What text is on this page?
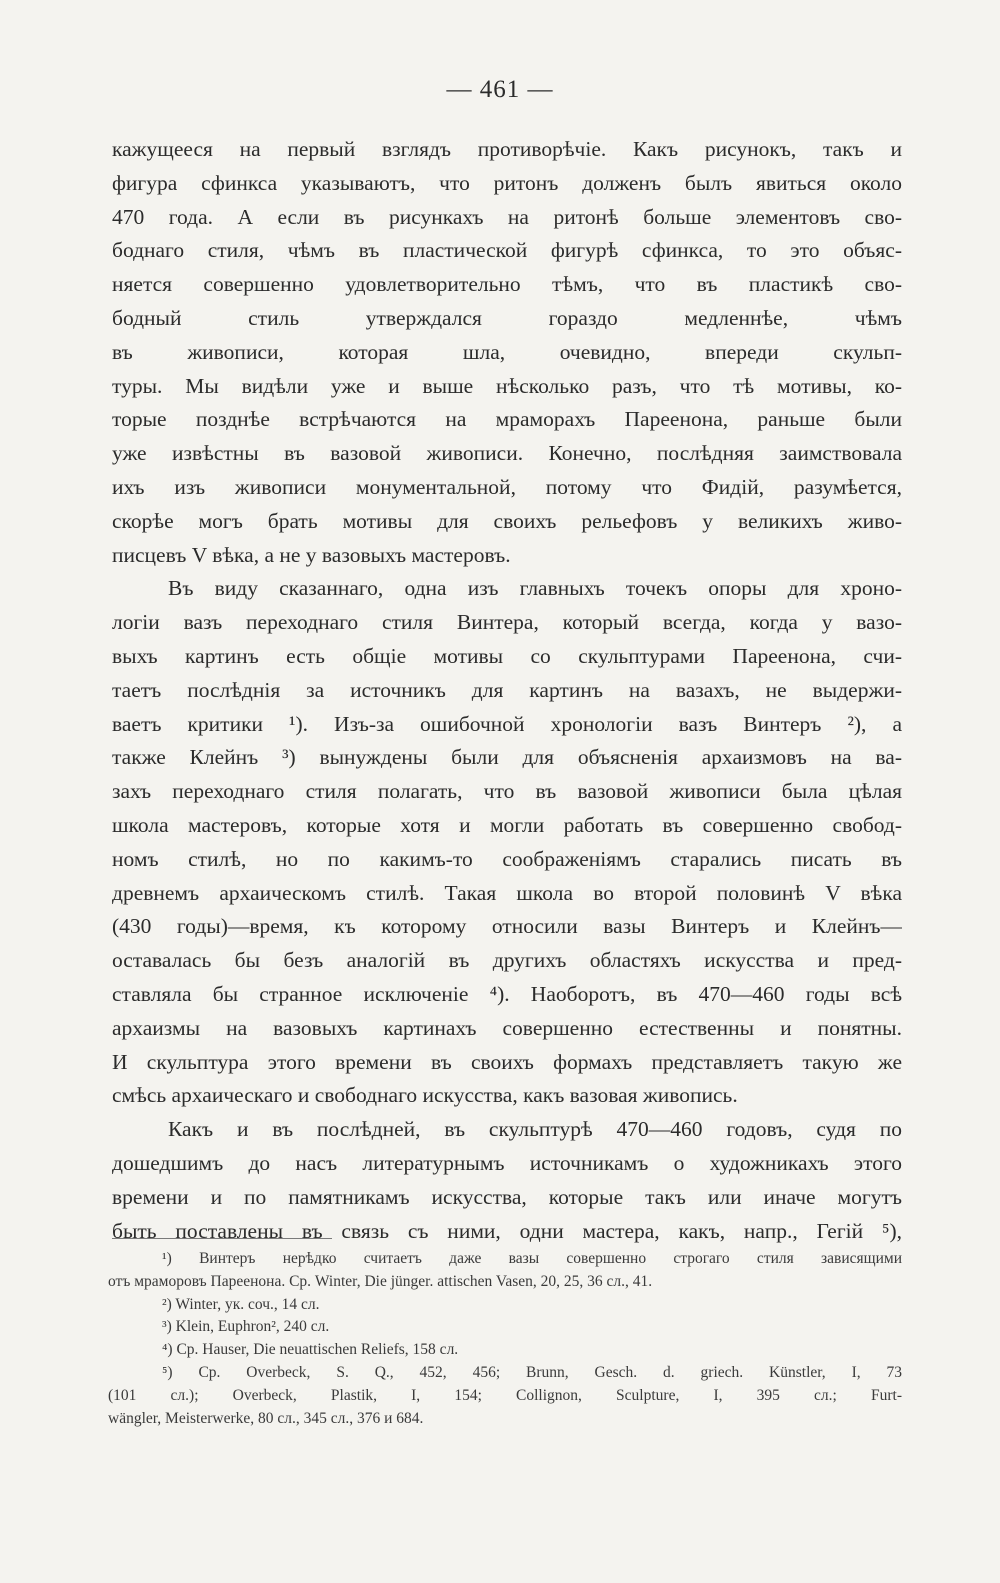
— 461 —
кажущееся на первый взглядъ противорѣчіе. Какъ рисунокъ, такъ и
фигура сфинкса указываютъ, что ритонъ долженъ былъ явиться около
470 года. А если въ рисункахъ на ритонѣ больше элементовъ сво-
боднаго стиля, чѣмъ въ пластической фигурѣ сфинкса, то это объяс-
няется совершенно удовлетворительно тѣмъ, что въ пластикѣ сво-
бодный стиль утверждался гораздо медленнѣе, чѣмъ
въ живописи, которая шла, очевидно, впереди скульп-
туры. Мы видѣли уже и выше нѣсколько разъ, что тѣ мотивы, ко-
торые позднѣе встрѣчаются на мраморахъ Пареенона, раньше были
уже извѣстны въ вазовой живописи. Конечно, послѣдняя заимствовала
ихъ изъ живописи монументальной, потому что Фидій, разумѣется,
скорѣе могъ брать мотивы для своихъ рельефовъ у великихъ живо-
писцевъ V вѣка, а не у вазовыхъ мастеровъ.
Въ виду сказаннаго, одна изъ главныхъ точекъ опоры для хроно-
логіи вазъ переходнаго стиля Винтера, который всегда, когда у вазо-
выхъ картинъ есть общіе мотивы со скульптурами Пареенона, счи-
таетъ послѣднія за источникъ для картинъ на вазахъ, не выдержи-
ваетъ критики ¹). Изъ-за ошибочной хронологіи вазъ Винтеръ ²), а
также Клейнъ ³) вынуждены были для объясненія архаизмовъ на ва-
захъ переходнаго стиля полагать, что въ вазовой живописи была цѣлая
школа мастеровъ, которые хотя и могли работать въ совершенно свобод-
номъ стилѣ, но по какимъ-то соображеніямъ старались писать въ
древнемъ архаическомъ стилѣ. Такая школа во второй половинѣ V вѣка
(430 годы)—время, къ которому относили вазы Винтеръ и Клейнъ—
оставалась бы безъ аналогій въ другихъ областяхъ искусства и пред-
ставляла бы странное исключеніе ⁴). Наоборотъ, въ 470—460 годы всѣ
архаизмы на вазовыхъ картинахъ совершенно естественны и понятны.
И скульптура этого времени въ своихъ формахъ представляетъ такую же
смѣсь архаическаго и свободнаго искусства, какъ вазовая живопись.
Какъ и въ послѣдней, въ скульптурѣ 470—460 годовъ, судя по
дошедшимъ до насъ литературнымъ источникамъ о художникахъ этого
времени и по памятникамъ искусства, которые такъ или иначе могутъ
быть поставлены въ связь съ ними, одни мастера, какъ, напр., Гегій ⁵),
¹) Винтеръ нерѣдко считаетъ даже вазы совершенно строгаго стиля зависящими
отъ мраморовъ Пареенона. Ср. Winter, Die jünger. attischen Vasen, 20, 25, 36 сл., 41.
²) Winter, ук. соч., 14 сл.
³) Klein, Euphron², 240 сл.
⁴) Ср. Hauser, Die neuattischen Reliefs, 158 сл.
⁵) Ср. Overbeck, S. Q., 452, 456; Brunn, Gesch. d. griech. Künstler, I, 73
(101 сл.); Overbeck, Plastik, I, 154; Collignon, Sculpture, I, 395 сл.; Furt-
wängler, Meisterwerke, 80 сл., 345 сл., 376 и 684.
